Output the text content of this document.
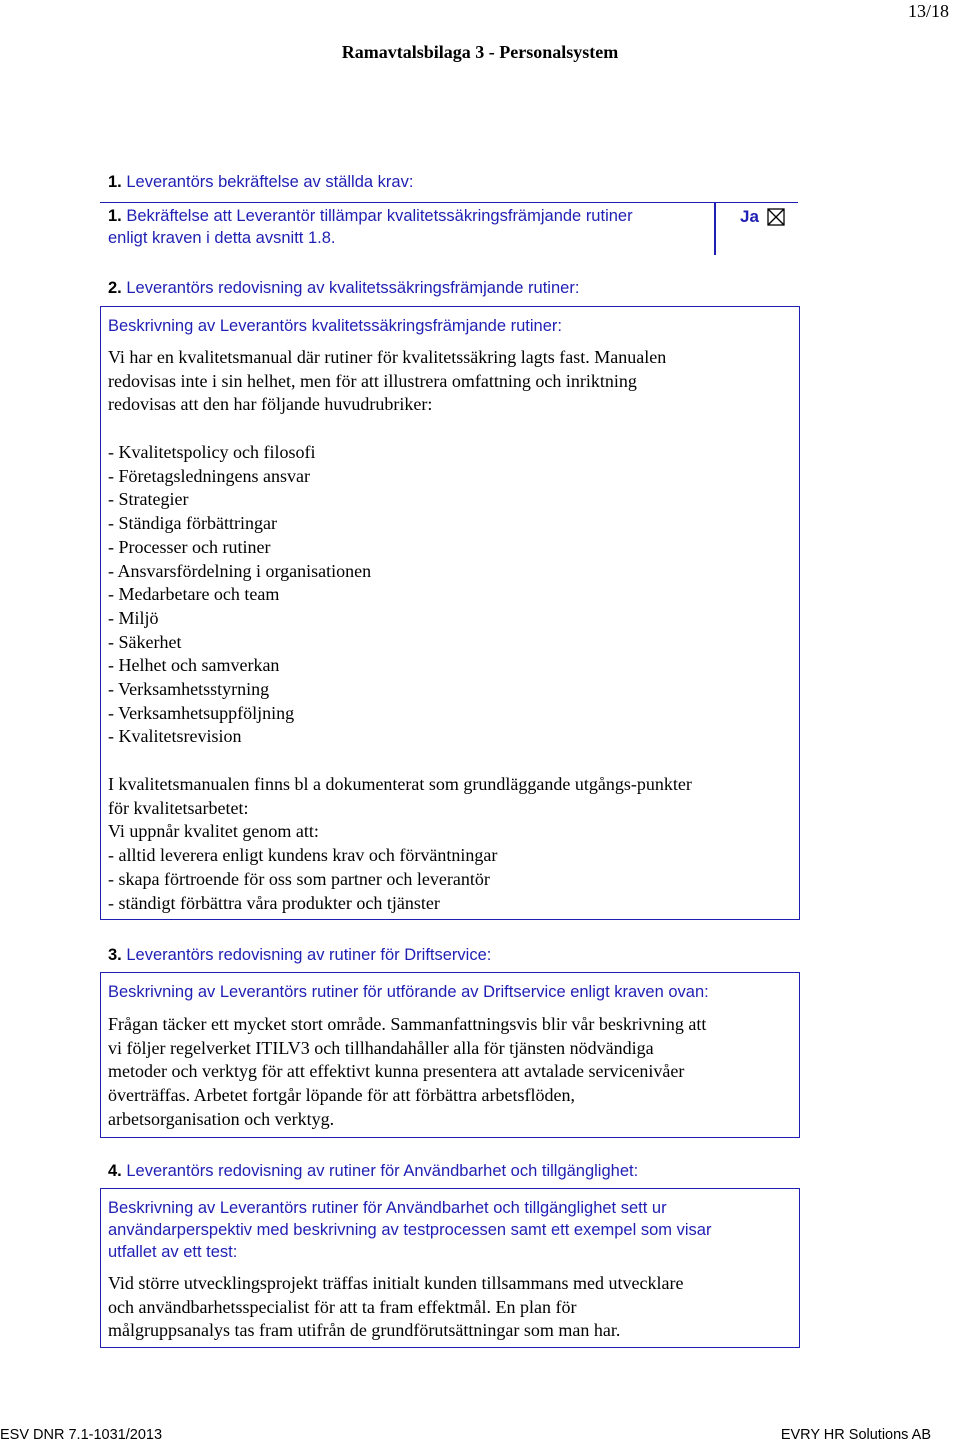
13/18
Ramavtalsbilaga 3 - Personalsystem
1. Leverantörs bekräftelse av ställda krav:
1. Bekräftelse att Leverantör tillämpar kvalitetssäkringsfrämjande rutiner
enligt kraven i detta avsnitt 1.8.
Ja
2. Leverantörs redovisning av kvalitetssäkringsfrämjande rutiner:
Beskrivning av Leverantörs kvalitetssäkringsfrämjande rutiner:
Vi har en kvalitetsmanual där rutiner för kvalitetssäkring lagts fast. Manualen
redovisas inte i sin helhet, men för att illustrera omfattning och inriktning
redovisas att den har följande huvudrubriker:
- Kvalitetspolicy och filosofi
- Företagsledningens ansvar
- Strategier
- Ständiga förbättringar
- Processer och rutiner
- Ansvarsfördelning i organisationen
- Medarbetare och team
- Miljö
- Säkerhet
- Helhet och samverkan
- Verksamhetsstyrning
- Verksamhetsuppföljning
- Kvalitetsrevision
I kvalitetsmanualen finns bl a dokumenterat som grundläggande utgångs-punkter
för kvalitetsarbetet:
Vi uppnår kvalitet genom att:
- alltid leverera enligt kundens krav och förväntningar
- skapa förtroende för oss som partner och leverantör
- ständigt förbättra våra produkter och tjänster
3. Leverantörs redovisning av rutiner för Driftservice:
Beskrivning av Leverantörs rutiner för utförande av Driftservice enligt kraven ovan:
Frågan täcker ett mycket stort område. Sammanfattningsvis blir vår beskrivning att
vi följer regelverket ITILV3 och tillhandahåller alla för tjänsten nödvändiga
metoder och verktyg för att effektivt kunna presentera att avtalade servicenivåer
överträffas. Arbetet fortgår löpande för att förbättra arbetsflöden,
arbetsorganisation och verktyg.
4. Leverantörs redovisning av rutiner för Användbarhet och tillgänglighet:
Beskrivning av Leverantörs rutiner för Användbarhet och tillgänglighet sett ur
användarperspektiv med beskrivning av testprocessen samt ett exempel som visar
utfallet av ett test:
Vid större utvecklingsprojekt träffas initialt kunden tillsammans med utvecklare
och användbarhetsspecialist för att ta fram effektmål. En plan för
målgruppsanalys tas fram utifrån de grundförutsättningar som man har.
ESV DNR 7.1-1031/2013	EVRY HR Solutions AB
